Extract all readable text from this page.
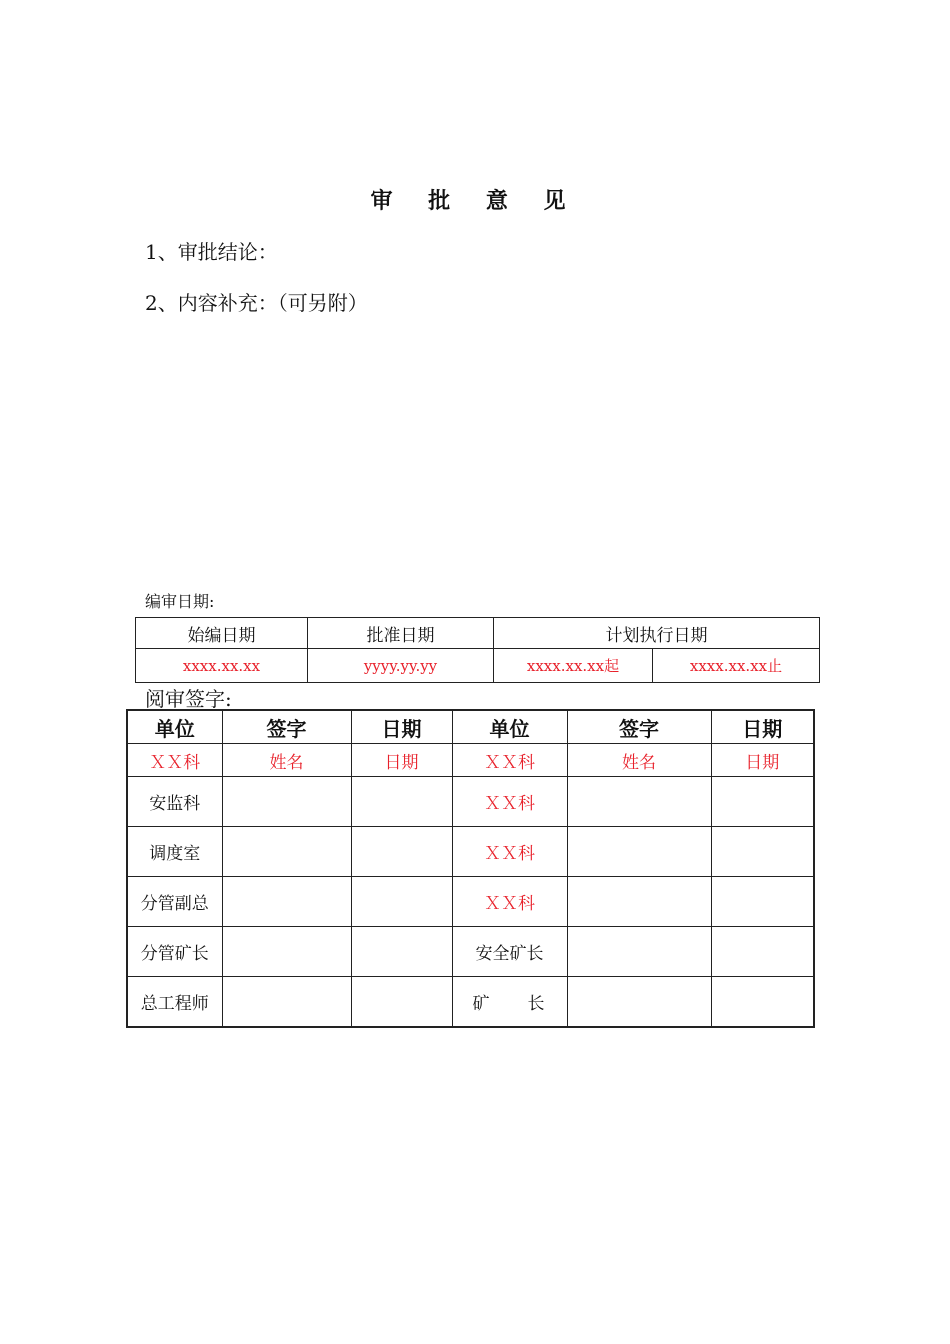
审 批 意 见
1、审批结论：
2、内容补充：（可另附）
编审日期:
始编日期	批准日期	计划执行日期	
xxxx.xx.xx	yyyy.yy.yy	xxxx.xx.xx起	xxxx.xx.xx止
阅审签字:
单位	签字	日期	单位	签字	日期
ＸＸ科	姓名	日期	ＸＸ科	姓名	日期
安监科			ＸＸ科		
调度室			ＸＸ科		
分管副总			ＸＸ科		
分管矿长			安全矿长		
总工程师			矿 长		
